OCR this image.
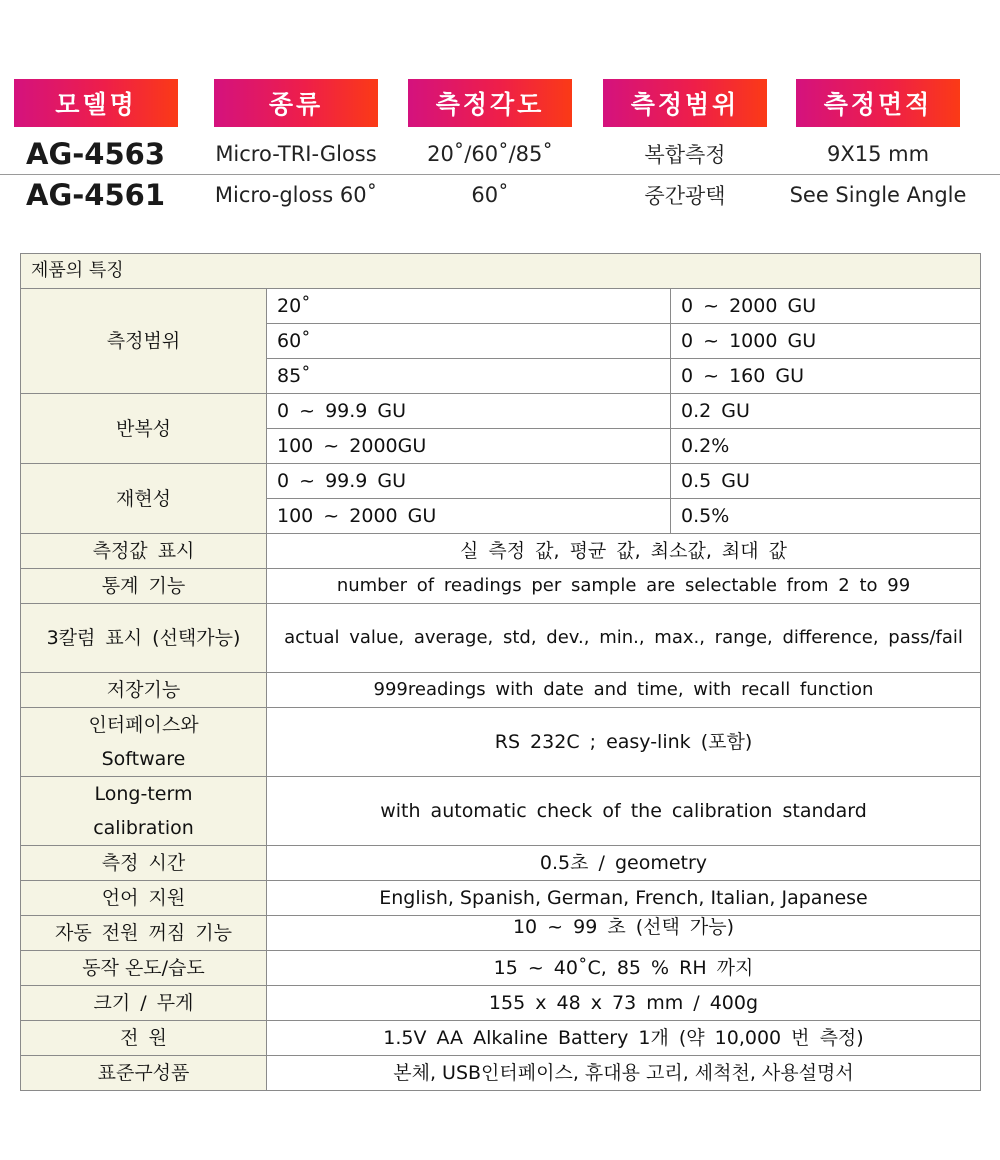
모델명	종류	측정각도	측정범위	측정면적
AG-4563	Micro-TRI-Gloss	20˚/60˚/85˚	복합측정	9X15 mm
AG-4561	Micro-gloss 60˚	60˚	중간광택	See Single Angle
제품의 특징		
측정범위	20˚	0 ~ 2000 GU
	60˚	0 ~ 1000 GU
	85˚	0 ~ 160 GU
반복성	0 ~ 99.9 GU	0.2 GU
	100 ~ 2000GU	0.2%
재현성	0 ~ 99.9 GU	0.5 GU
	100 ~ 2000 GU	0.5%
측정값 표시	실 측정 값, 평균 값, 최소값, 최대 값	
통계 기능	number of readings per sample are selectable from 2 to 99	
3칼럼 표시 (선택가능)	actual value, average, std, dev., min., max., range, difference, pass/fail	
저장기능	999readings with date and time, with recall function	
인터페이스와 Software	RS 232C ; easy-link (포함)	
Long-term calibration	with automatic check of the calibration standard	
측정 시간	0.5초 / geometry	
언어 지원	English, Spanish, German, French, Italian, Japanese	
자동 전원 꺼짐 기능	10 ~ 99 초 (선택 가능)	
동작 온도/습도	15 ~ 40˚C, 85 % RH 까지	
크기 / 무게	155 x 48 x 73 mm / 400g	
전 원	1.5V AA Alkaline Battery 1개 (약 10,000 번 측정)	
표준구성품	본체, USB인터페이스, 휴대용 고리, 세척천, 사용설명서	
